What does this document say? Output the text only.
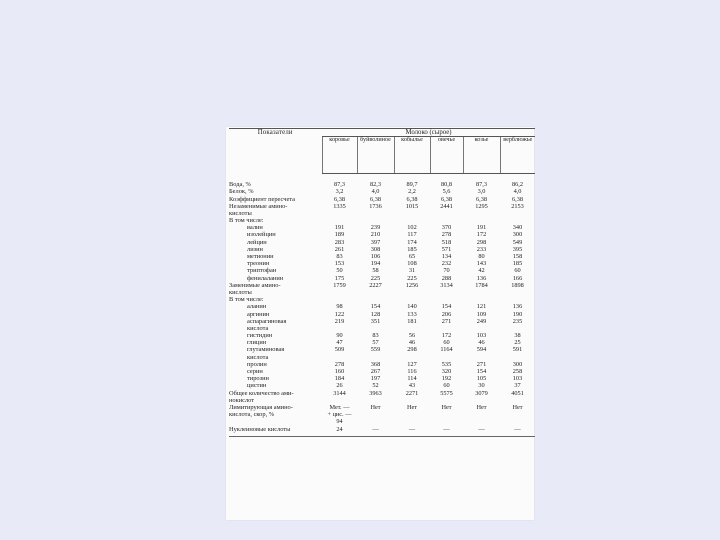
Показатели	Молоко (сырое)					
	коровье	буйволиное	кобылье	овечье	козье	верблюжье

Вода, %	87,3	82,3	89,7	80,8	87,3	86,2
Белок, %	3,2	4,0	2,2	5,6	3,0	4,0
Коэффициент пересчета	6,38	6,38	6,38	6,38	6,38	6,38
Незаменимые амино-	1335	1736	1015	2441	1295	2153
кислоты						
В том числе:						
валин	191	239	102	370	191	340
изолейцин	189	210	117	278	172	300
лейцин	283	397	174	518	298	549
лизин	261	308	185	571	233	395
метионин	83	106	65	134	80	158
треонин	153	194	108	232	143	185
триптофан	50	58	31	70	42	60
фенилаланин	175	225	225	288	136	166
Заменимые амино-	1759	2227	1256	3134	1784	1898
кислоты						
В том числе:						
аланин	98	154	140	154	121	136
аргинин	122	128	133	206	109	190
аспарагиновая	219	351	181	271	249	235
кислота						
гистидин	90	83	56	172	103	38
глицин	47	57	46	60	46	25
глутаминовая	509	559	298	1164	594	591
кислота						
пролин	278	368	127	535	271	300
серин	160	267	116	320	154	258
тирозин	184	197	114	192	105	103
цистин	26	52	43	60	30	37
Общее количество ами-	3144	3963	2271	5575	3079	4051
нокислот						
Лимитирующая амино-	Мет. —	Нет	Нет	Нет	Нет	Нет
кислота, скор, %	+ цис. —					
	94					
Нуклеиновые кислоты	24	—	—	—	—	—
